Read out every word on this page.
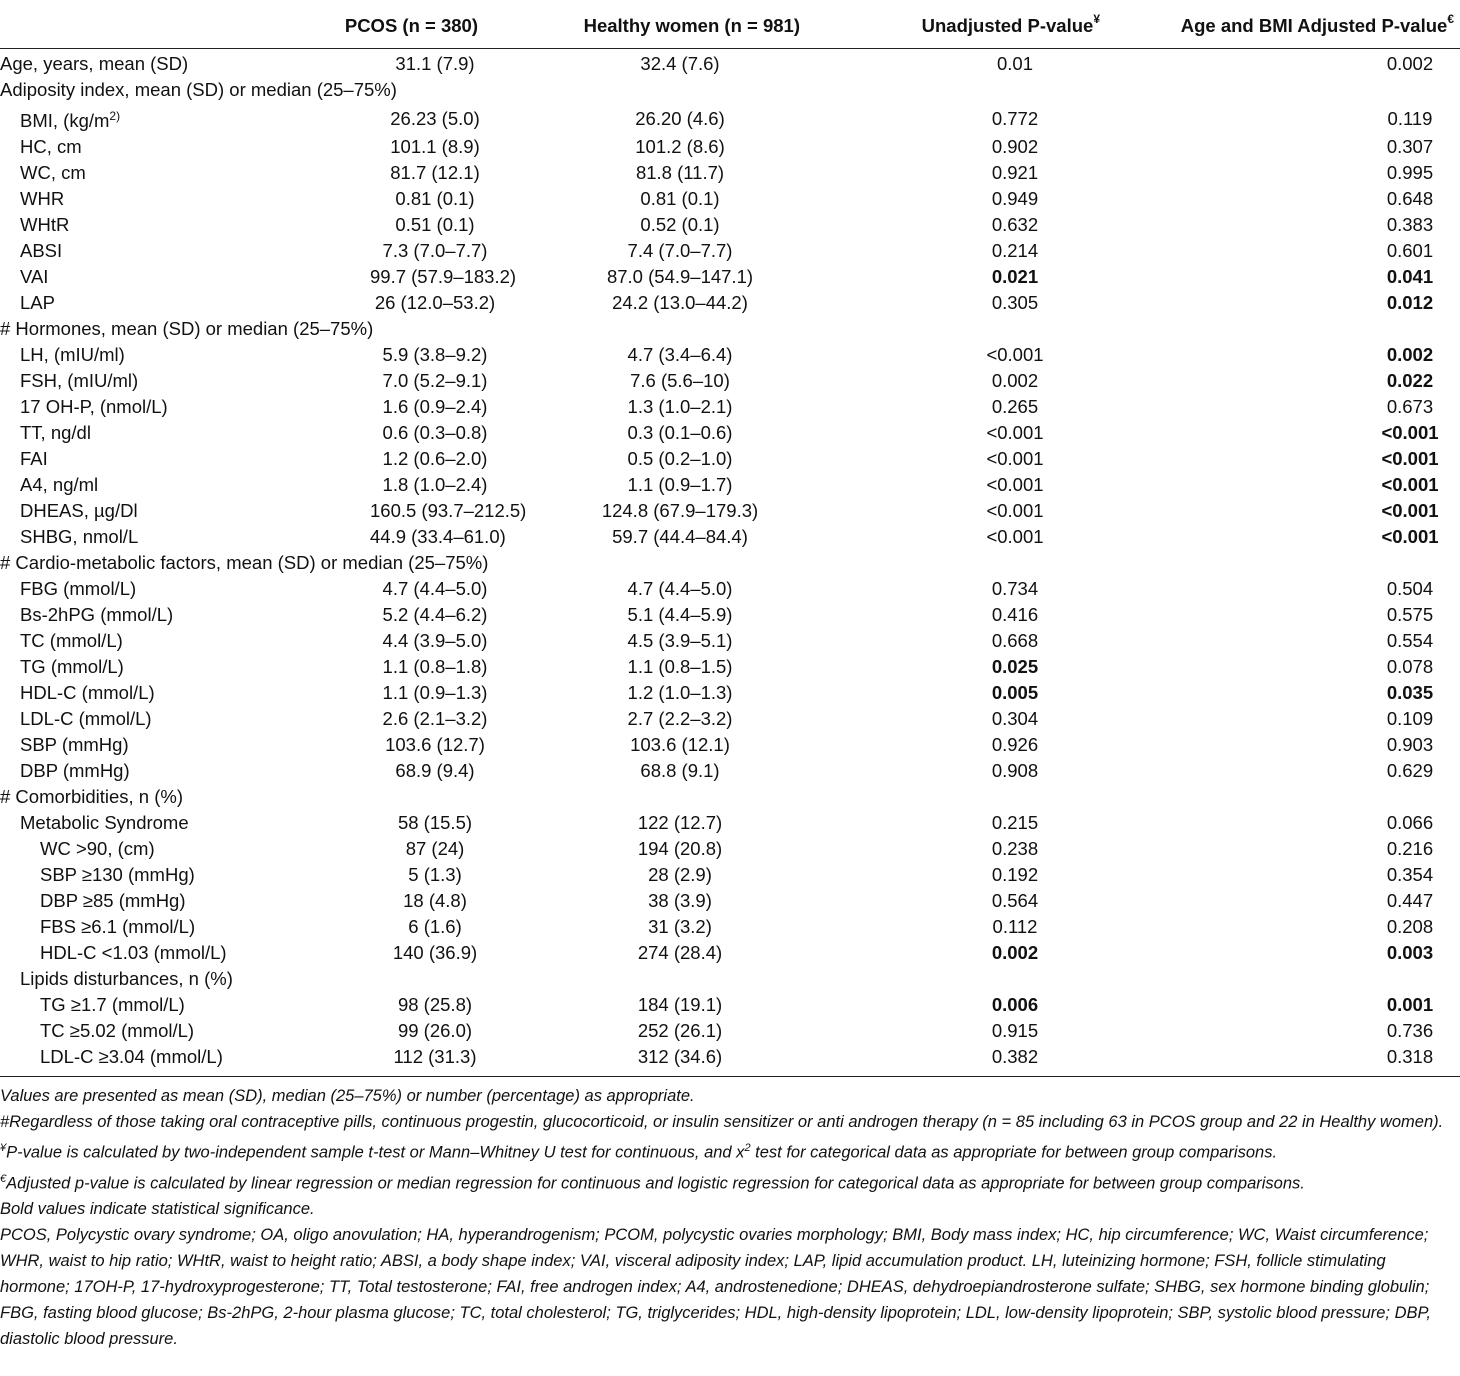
	PCOS (n = 380)	Healthy women (n = 981)	Unadjusted P-value¥	Age and BMI Adjusted P-value€
Age, years, mean (SD)	31.1 (7.9)	32.4 (7.6)	0.01	0.002
Adiposity index, mean (SD) or median (25–75%)				
BMI, ($kg/m^{2)}$	26.23 (5.0)	26.20 (4.6)	0.772	0.119
HC, cm	101.1 (8.9)	101.2 (8.6)	0.902	0.307
WC, cm	81.7 (12.1)	81.8 (11.7)	0.921	0.995
WHR	0.81 (0.1)	0.81 (0.1)	0.949	0.648
WHtR	0.51 (0.1)	0.52 (0.1)	0.632	0.383
ABSI	7.3 (7.0–7.7)	7.4 (7.0–7.7)	0.214	0.601
VAI	99.7 (57.9–183.2)	87.0 (54.9–147.1)	0.021	0.041
LAP	26 (12.0–53.2)	24.2 (13.0–44.2)	0.305	0.012
# Hormones, mean (SD) or median (25–75%)				
LH, (mIU/ml)	5.9 (3.8–9.2)	4.7 (3.4–6.4)	<0.001	0.002
FSH, (mIU/ml)	7.0 (5.2–9.1)	7.6 (5.6–10)	0.002	0.022
17 OH-P, (nmol/L)	1.6 (0.9–2.4)	1.3 (1.0–2.1)	0.265	0.673
TT, ng/dl	0.6 (0.3–0.8)	0.3 (0.1–0.6)	<0.001	<0.001
FAI	1.2 (0.6–2.0)	0.5 (0.2–1.0)	<0.001	<0.001
A4, ng/ml	1.8 (1.0–2.4)	1.1 (0.9–1.7)	<0.001	<0.001
DHEAS, µg/Dl	160.5 (93.7–212.5)	124.8 (67.9–179.3)	<0.001	<0.001
SHBG, nmol/L	44.9 (33.4–61.0)	59.7 (44.4–84.4)	<0.001	<0.001
# Cardio-metabolic factors, mean (SD) or median (25–75%)				
FBG (mmol/L)	4.7 (4.4–5.0)	4.7 (4.4–5.0)	0.734	0.504
Bs-2hPG (mmol/L)	5.2 (4.4–6.2)	5.1 (4.4–5.9)	0.416	0.575
TC (mmol/L)	4.4 (3.9–5.0)	4.5 (3.9–5.1)	0.668	0.554
TG (mmol/L)	1.1 (0.8–1.8)	1.1 (0.8–1.5)	0.025	0.078
HDL-C (mmol/L)	1.1 (0.9–1.3)	1.2 (1.0–1.3)	0.005	0.035
LDL-C (mmol/L)	2.6 (2.1–3.2)	2.7 (2.2–3.2)	0.304	0.109
SBP (mmHg)	103.6 (12.7)	103.6 (12.1)	0.926	0.903
DBP (mmHg)	68.9 (9.4)	68.8 (9.1)	0.908	0.629
# Comorbidities, n (%)				
Metabolic Syndrome	58 (15.5)	122 (12.7)	0.215	0.066
WC >90, (cm)	87 (24)	194 (20.8)	0.238	0.216
SBP ≥130 (mmHg)	5 (1.3)	28 (2.9)	0.192	0.354
DBP ≥85 (mmHg)	18 (4.8)	38 (3.9)	0.564	0.447
FBS ≥6.1 (mmol/L)	6 (1.6)	31 (3.2)	0.112	0.208
HDL-C <1.03 (mmol/L)	140 (36.9)	274 (28.4)	0.002	0.003
Lipids disturbances, n (%)				
TG ≥1.7 (mmol/L)	98 (25.8)	184 (19.1)	0.006	0.001
TC ≥5.02 (mmol/L)	99 (26.0)	252 (26.1)	0.915	0.736
LDL-C ≥3.04 (mmol/L)	112 (31.3)	312 (34.6)	0.382	0.318

Values are presented as mean (SD), median (25–75%) or number (percentage) as appropriate.

#Regardless of those taking oral contraceptive pills, continuous progestin, glucocorticoid, or insulin sensitizer or anti androgen therapy (n = 85 including 63 in PCOS group and 22 in Healthy women).

¥P-value is calculated by two-independent sample t-test or Mann–Whitney U test for continuous, and $x^2$ test for categorical data as appropriate for between group comparisons.

€Adjusted p-value is calculated by linear regression or median regression for continuous and logistic regression for categorical data as appropriate for between group comparisons.

Bold values indicate statistical significance.

PCOS, Polycystic ovary syndrome; OA, oligo anovulation; HA, hyperandrogenism; PCOM, polycystic ovaries morphology; BMI, Body mass index; HC, hip circumference; WC, Waist circumference; WHR, waist to hip ratio; WHtR, waist to height ratio; ABSI, a body shape index; VAI, visceral adiposity index; LAP, lipid accumulation product. LH, luteinizing hormone; FSH, follicle stimulating hormone; 17OH-P, 17-hydroxyprogesterone; TT, Total testosterone; FAI, free androgen index; A4, androstenedione; DHEAS, dehydroepiandrosterone sulfate; SHBG, sex hormone binding globulin; FBG, fasting blood glucose; Bs-2hPG, 2-hour plasma glucose; TC, total cholesterol; TG, triglycerides; HDL, high-density lipoprotein; LDL, low-density lipoprotein; SBP, systolic blood pressure; DBP, diastolic blood pressure.
